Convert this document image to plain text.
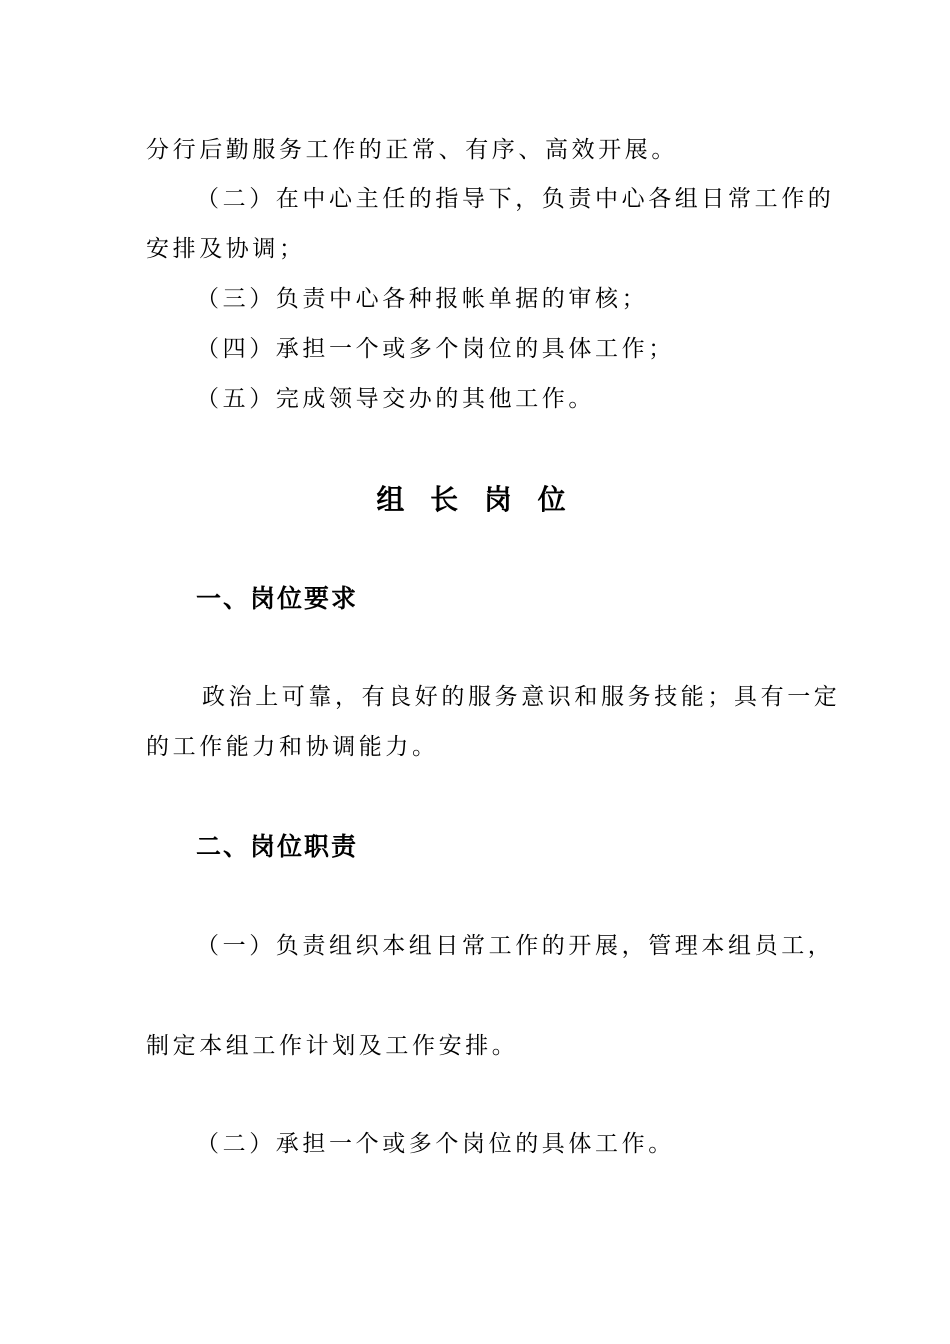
分行后勤服务工作的正常、有序、高效开展。
（二）在中心主任的指导下，负责中心各组日常工作的
安排及协调；
（三）负责中心各种报帐单据的审核；
（四）承担一个或多个岗位的具体工作；
（五）完成领导交办的其他工作。
组 长 岗 位
一、岗位要求
政治上可靠，有良好的服务意识和服务技能；具有一定
的工作能力和协调能力。
二、岗位职责
（一）负责组织本组日常工作的开展，管理本组员工，
制定本组工作计划及工作安排。
（二）承担一个或多个岗位的具体工作。
